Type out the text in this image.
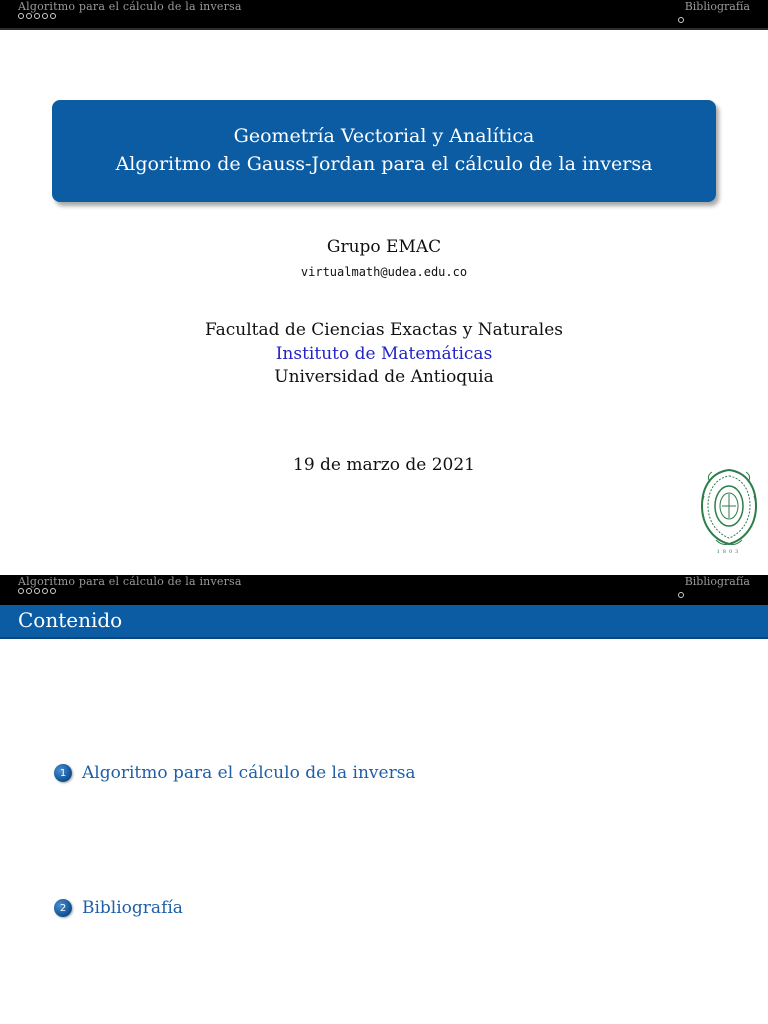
Algoritmo para el cálculo de la inversa	Bibliografía
Geometría Vectorial y Analítica
Algoritmo de Gauss-Jordan para el cálculo de la inversa
Grupo EMAC
virtualmath@udea.edu.co
Facultad de Ciencias Exactas y Naturales
Instituto de Matemáticas
Universidad de Antioquia
19 de marzo de 2021
1803
Algoritmo para el cálculo de la inversa	Bibliografía
Contenido
1 Algoritmo para el cálculo de la inversa
2 Bibliografía
